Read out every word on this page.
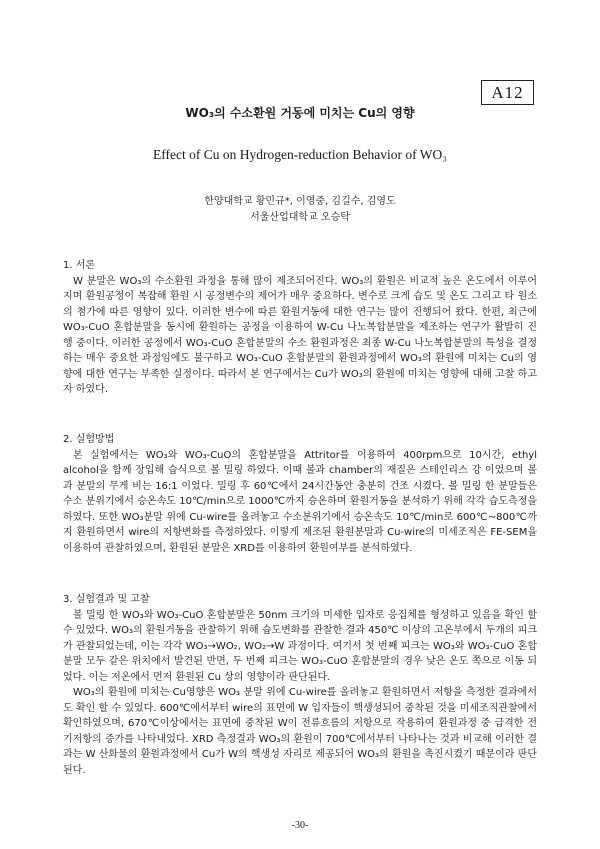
A12
WO₃의 수소환원 거동에 미치는 Cu의 영향
Effect of Cu on Hydrogen-reduction Behavior of WO₃
한양대학교 황민규*, 이영중, 김길수, 김영도
서울산업대학교 오승탁
1. 서론

W 분말은 WO₃의 수소환원 과정을 통해 많이 제조되어진다. WO₃의 환원은 비교적 높은 온도에서 이루어지며 환원공정이 복잡해 환원 시 공정변수의 제어가 매우 중요하다. 변수로 크게 습도 및 온도 그리고 타 원소의 첨가에 따른 영향이 있다. 이러한 변수에 따른 환원거동에 대한 연구는 많이 진행되어 왔다. 한편, 최근에 WO₃-CuO 혼합분말을 동시에 환원하는 공정을 이용하여 W-Cu 나노복합분말을 제조하는 연구가 활발히 진행 중이다. 이러한 공정에서 WO₃-CuO 혼합분말의 수소 환원과정은 최종 W-Cu 나노복합분말의 특성을 결정하는 매우 중요한 과정임에도 불구하고 WO₃-CuO 혼합분말의 환원과정에서 WO₃의 환원에 미치는 Cu의 영향에 대한 연구는 부족한 실정이다. 따라서 본 연구에서는 Cu가 WO₃의 환원에 미치는 영향에 대해 고찰 하고자 하였다.

2. 실험방법

본 실험에서는 WO₃와 WO₃-CuO의 혼합분말을 Attritor를 이용하여 400rpm으로 10시간, ethyl alcohol을 함께 장입해 습식으로 볼 밀링 하였다. 이때 볼과 chamber의 재질은 스테인리스 강 이었으며 볼과 분말의 무게 비는 16:1 이었다. 밀링 후 60℃에서 24시간동안 충분히 건조 시켰다. 볼 밀링 한 분말들은 수소 분위기에서 승온속도 10℃/min으로 1000℃까지 승온하며 환원거동을 분석하기 위해 각각 습도측정을 하였다. 또한 WO₃분말 위에 Cu-wire를 올려놓고 수소분위기에서 승온속도 10℃/min로 600℃~800℃까지 환원하면서 wire의 저항변화를 측정하였다. 이렇게 제조된 환원분말과 Cu-wire의 미세조직은 FE-SEM을 이용하여 관찰하였으며, 환원된 분말은 XRD를 이용하여 환원여부를 분석하였다.

3. 실험결과 및 고찰

볼 밀링 한 WO₃와 WO₃-CuO 혼합분말은 50nm 크기의 미세한 입자로 응집체를 형성하고 있음을 확인 할 수 있었다. WO₃의 환원거동을 관찰하기 위해 습도변화를 관찰한 결과 450℃ 이상의 고온부에서 두개의 피크가 관찰되었는데, 이는 각각 WO₃→WO₂, WO₂→W 과정이다. 여기서 첫 번째 피크는 WO₃와 WO₃-CuO 혼합분말 모두 같은 위치에서 발견된 반면, 두 번째 피크는 WO₃-CuO 혼합분말의 경우 낮은 온도 쪽으로 이동 되었다. 이는 저온에서 먼저 환원된 Cu 상의 영향이라 판단된다.

WO₃의 환원에 미치는 Cu영향은 WO₃ 분말 위에 Cu-wire를 올려놓고 환원하면서 저항을 측정한 결과에서도 확인 할 수 있었다. 600℃에서부터 wire의 표면에 W 입자들이 핵생성되어 중착된 것을 미세조직관찰에서 확인하였으며, 670℃이상에서는 표면에 중착된 W이 전류흐름의 저항으로 작용하여 환원과정 중 급격한 전기저항의 증가를 나타내었다. XRD 측정결과 WO₃의 환원이 700℃에서부터 나타나는 것과 비교해 이러한 결과는 W 산화물의 환원과정에서 Cu가 W의 핵생성 자리로 제공되어 WO₃의 환원을 촉진시켰기 때문이라 판단된다.

-30-
